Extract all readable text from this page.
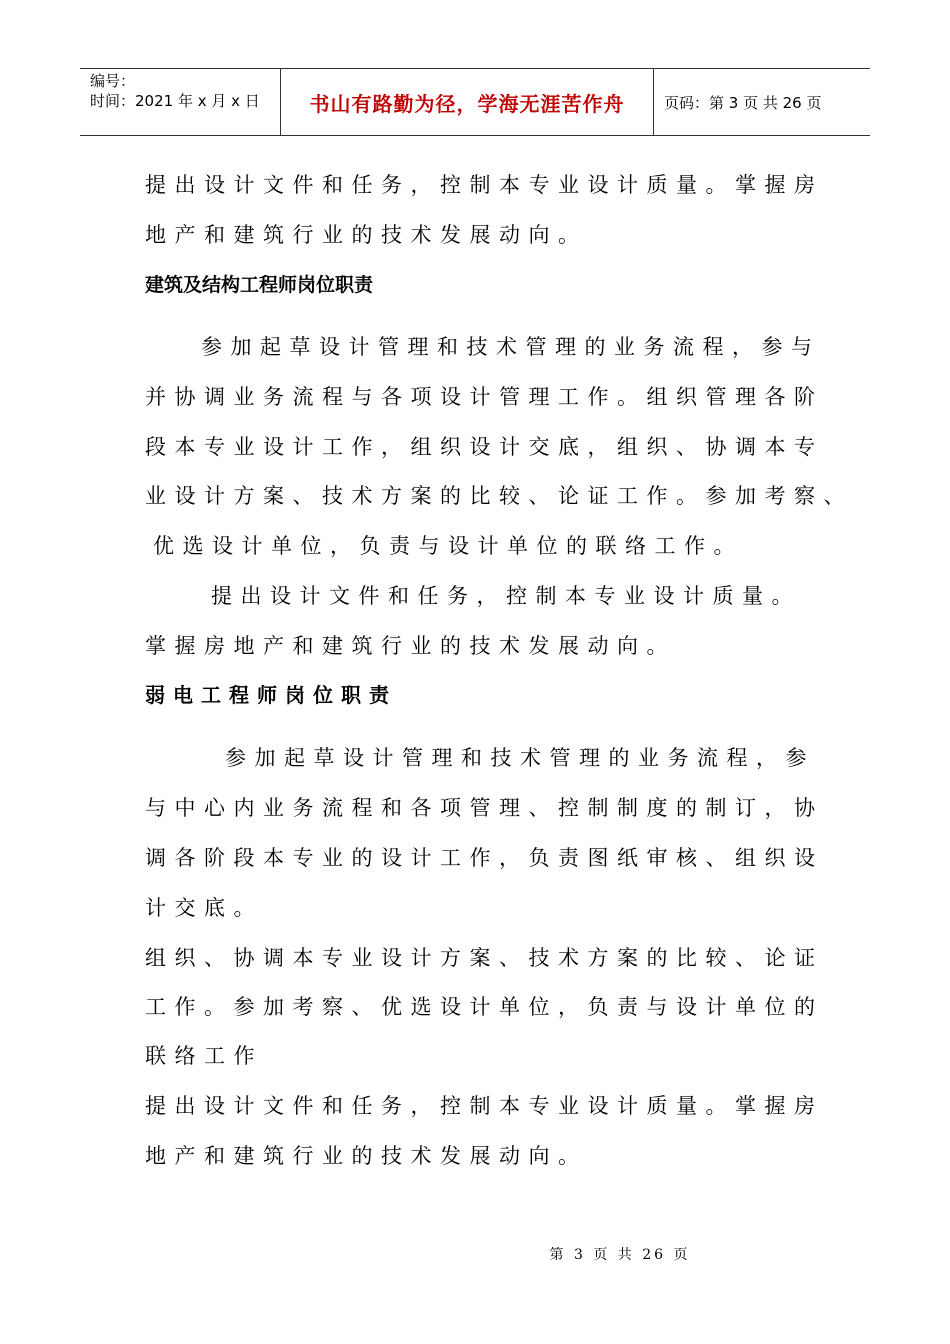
编号：
时间：2021 年 x 月 x 日	书山有路勤为径，学海无涯苦作舟	页码：第 3 页 共 26 页
提出设计文件和任务，控制本专业设计质量。掌握房
地产和建筑行业的技术发展动向。
建筑及结构工程师岗位职责
参加起草设计管理和技术管理的业务流程，参与
并协调业务流程与各项设计管理工作。组织管理各阶
段本专业设计工作，组织设计交底，组织、协调本专
业设计方案、技术方案的比较、论证工作。参加考察、
优选设计单位，负责与设计单位的联络工作。
提出设计文件和任务，控制本专业设计质量。
掌握房地产和建筑行业的技术发展动向。
弱电工程师岗位职责
参加起草设计管理和技术管理的业务流程，参
与中心内业务流程和各项管理、控制制度的制订，协
调各阶段本专业的设计工作，负责图纸审核、组织设
计交底。
组织、协调本专业设计方案、技术方案的比较、论证
工作。参加考察、优选设计单位，负责与设计单位的
联络工作
提出设计文件和任务，控制本专业设计质量。掌握房
地产和建筑行业的技术发展动向。
第 3 页 共 26 页
